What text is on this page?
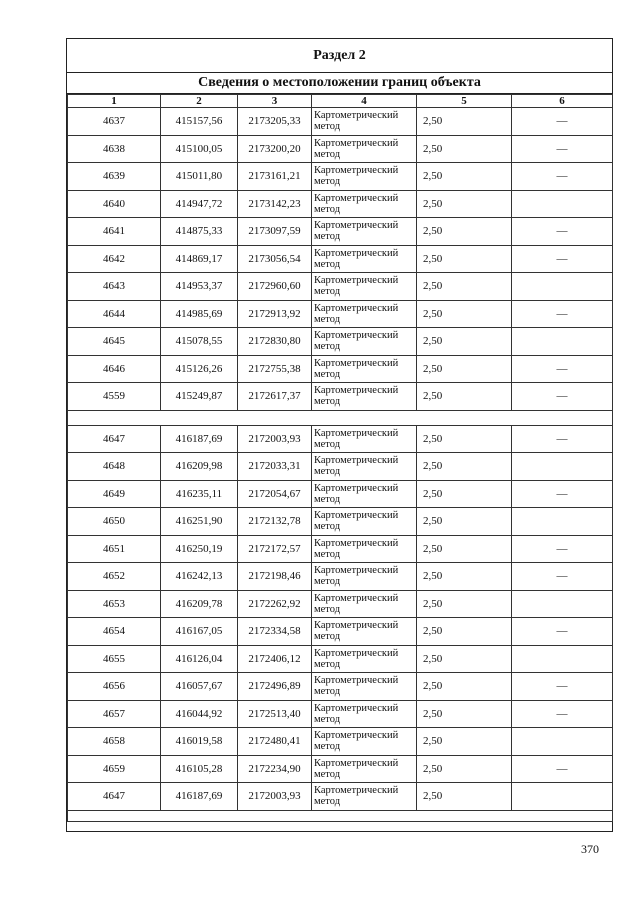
Раздел 2
Сведения о местоположении границ объекта
1	2	3	4	5	6
4637	415157,56	2173205,33	Картометрический метод	2,50	—
4638	415100,05	2173200,20	Картометрический метод	2,50	—
4639	415011,80	2173161,21	Картометрический метод	2,50	—
4640	414947,72	2173142,23	Картометрический метод	2,50	
4641	414875,33	2173097,59	Картометрический метод	2,50	—
4642	414869,17	2173056,54	Картометрический метод	2,50	—
4643	414953,37	2172960,60	Картометрический метод	2,50	
4644	414985,69	2172913,92	Картометрический метод	2,50	—
4645	415078,55	2172830,80	Картометрический метод	2,50	
4646	415126,26	2172755,38	Картометрический метод	2,50	—
4559	415249,87	2172617,37	Картометрический метод	2,50	—

4647	416187,69	2172003,93	Картометрический метод	2,50	—
4648	416209,98	2172033,31	Картометрический метод	2,50	
4649	416235,11	2172054,67	Картометрический метод	2,50	—
4650	416251,90	2172132,78	Картометрический метод	2,50	
4651	416250,19	2172172,57	Картометрический метод	2,50	—
4652	416242,13	2172198,46	Картометрический метод	2,50	—
4653	416209,78	2172262,92	Картометрический метод	2,50	
4654	416167,05	2172334,58	Картометрический метод	2,50	—
4655	416126,04	2172406,12	Картометрический метод	2,50	
4656	416057,67	2172496,89	Картометрический метод	2,50	—
4657	416044,92	2172513,40	Картометрический метод	2,50	—
4658	416019,58	2172480,41	Картометрический метод	2,50	
4659	416105,28	2172234,90	Картометрический метод	2,50	—
4647	416187,69	2172003,93	Картометрический метод	2,50	

370
